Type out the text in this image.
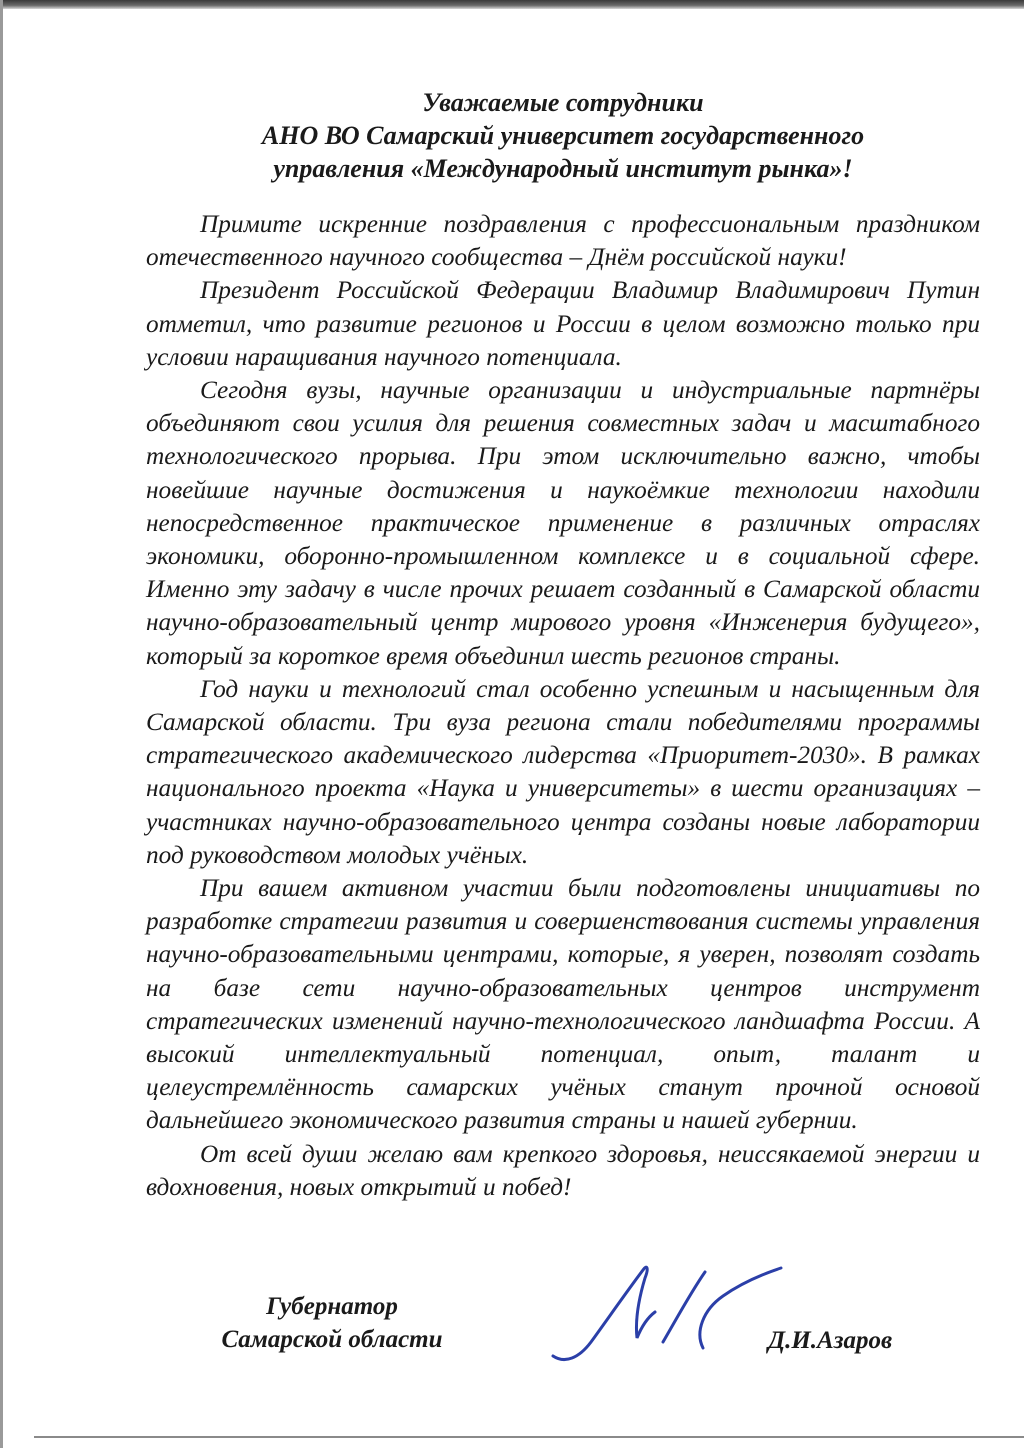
Уважаемые сотрудники
АНО ВО Самарский университет государственного
управления «Международный институт рынка»!

Примите искренние поздравления с профессиональным праздником отечественного научного сообщества – Днём российской науки!

Президент Российской Федерации Владимир Владимирович Путин отметил, что развитие регионов и России в целом возможно только при условии наращивания научного потенциала.

Сегодня вузы, научные организации и индустриальные партнёры объединяют свои усилия для решения совместных задач и масштабного технологического прорыва. При этом исключительно важно, чтобы новейшие научные достижения и наукоёмкие технологии находили непосредственное практическое применение в различных отраслях экономики, оборонно-промышленном комплексе и в социальной сфере. Именно эту задачу в числе прочих решает созданный в Самарской области научно-образовательный центр мирового уровня «Инженерия будущего», который за короткое время объединил шесть регионов страны.

Год науки и технологий стал особенно успешным и насыщенным для Самарской области. Три вуза региона стали победителями программы стратегического академического лидерства «Приоритет-2030». В рамках национального проекта «Наука и университеты» в шести организациях – участниках научно-образовательного центра созданы новые лаборатории под руководством молодых учёных.

При вашем активном участии были подготовлены инициативы по разработке стратегии развития и совершенствования системы управления научно-образовательными центрами, которые, я уверен, позволят создать на базе сети научно-образовательных центров инструмент стратегических изменений научно-технологического ландшафта России. А высокий интеллектуальный потенциал, опыт, талант и целеустремлённость самарских учёных станут прочной основой дальнейшего экономического развития страны и нашей губернии.

От всей души желаю вам крепкого здоровья, неиссякаемой энергии и вдохновения, новых открытий и побед!

Губернатор
Самарской области	Д.И.Азаров
